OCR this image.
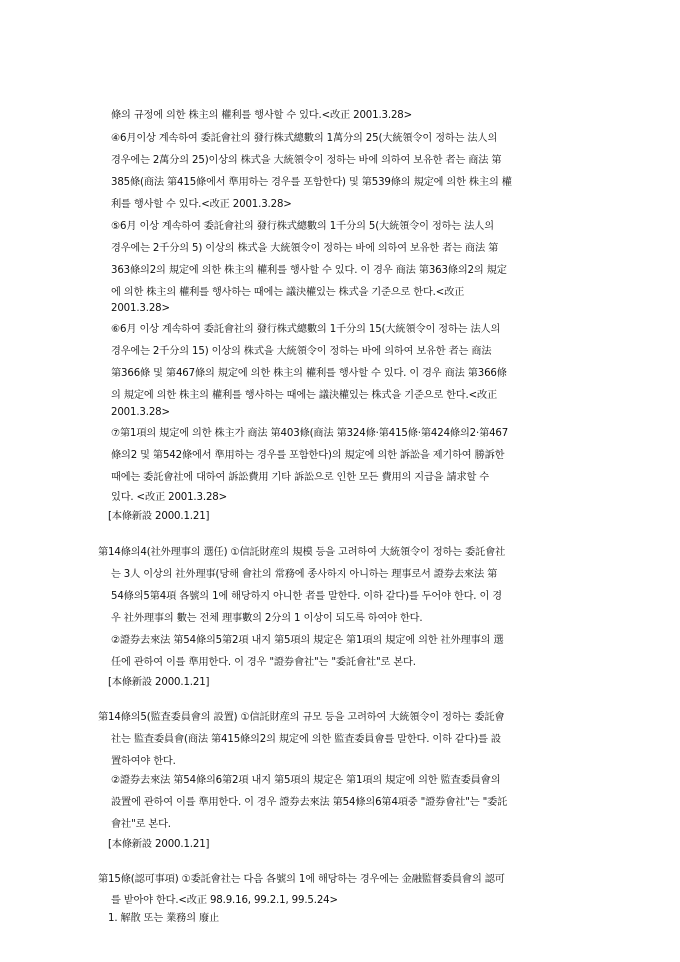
條의 규정에 의한 株主의 權利를 행사할 수 있다.<改正 2001.3.28>
④6月이상 계속하여 委託會社의 發行株式總數의 1萬分의 25(大統領令이 정하는 法人의
경우에는 2萬分의 25)이상의 株式을 大統領令이 정하는 바에 의하여 보유한 者는 商法 第
385條(商法 第415條에서 準用하는 경우를 포함한다) 및 第539條의 規定에 의한 株主의 權
利를 행사할 수 있다.<改正 2001.3.28>
⑤6月 이상 계속하여 委託會社의 發行株式總數의 1千分의 5(大統領令이 정하는 法人의
경우에는 2千分의 5) 이상의 株式을 大統領令이 정하는 바에 의하여 보유한 者는 商法 第
363條의2의 規定에 의한 株主의 權利를 행사할 수 있다. 이 경우 商法 第363條의2의 規定
에 의한 株主의 權利를 행사하는 때에는 議決權있는 株式을 기준으로 한다.<改正
2001.3.28>
⑥6月 이상 계속하여 委託會社의 發行株式總數의 1千分의 15(大統領令이 정하는 法人의
경우에는 2千分의 15) 이상의 株式을 大統領令이 정하는 바에 의하여 보유한 者는 商法
第366條 및 第467條의 規定에 의한 株主의 權利를 행사할 수 있다. 이 경우 商法 第366條
의 規定에 의한 株主의 權利를 행사하는 때에는 議決權있는 株式을 기준으로 한다.<改正
2001.3.28>
⑦第1項의 規定에 의한 株主가 商法 第403條(商法 第324條·第415條·第424條의2·第467
條의2 및 第542條에서 準用하는 경우를 포함한다)의 規定에 의한 訴訟을 제기하여 勝訴한
때에는 委託會社에 대하여 訴訟費用 기타 訴訟으로 인한 모든 費用의 지급을 請求할 수
있다. <改正 2001.3.28>
[本條新設 2000.1.21]
第14條의4(社外理事의 選任) ①信託財産의 規模 등을 고려하여 大統領令이 정하는 委託會社
는 3人 이상의 社外理事(당해 會社의 常務에 종사하지 아니하는 理事로서 證券去來法 第
54條의5第4項 各號의 1에 해당하지 아니한 者를 말한다. 이하 같다)를 두어야 한다. 이 경
우 社外理事의 數는 전체 理事數의 2分의 1 이상이 되도록 하여야 한다.
②證券去來法 第54條의5第2項 내지 第5項의 規定은 第1項의 規定에 의한 社外理事의 選
任에 관하여 이를 準用한다. 이 경우 "證券會社"는 "委託會社"로 본다.
[本條新設 2000.1.21]
第14條의5(監査委員會의 設置) ①信託財産의 규모 등을 고려하여 大統領令이 정하는 委託會
社는 監査委員會(商法 第415條의2의 規定에 의한 監査委員會를 말한다. 이하 같다)를 設
置하여야 한다.
②證券去來法 第54條의6第2項 내지 第5項의 規定은 第1項의 規定에 의한 監査委員會의
設置에 관하여 이를 準用한다. 이 경우 證券去來法 第54條의6第4項중 "證券會社"는 "委託
會社"로 본다.
[本條新設 2000.1.21]
第15條(認可事項) ①委託會社는 다음 各號의 1에 해당하는 경우에는 金融監督委員會의 認可
를 받아야 한다.<改正 98.9.16, 99.2.1, 99.5.24>
1. 解散 또는 業務의 廢止
